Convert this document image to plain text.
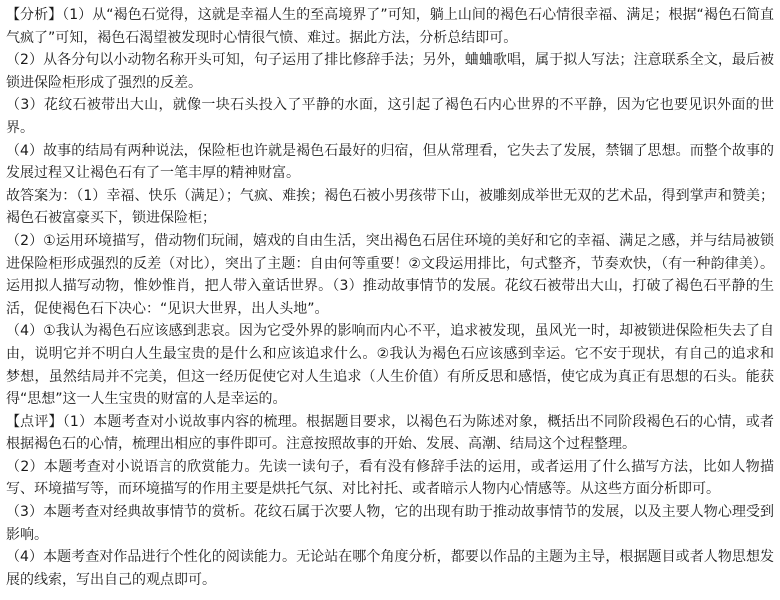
【分析】（1）从“褐色石觉得，这就是幸福人生的至高境界了”可知，躺上山间的褐色石心情很幸福、满足；根据“褐色石简直气疯了”可知，褐色石渴望被发现时心情很气愤、难过。据此方法，分析总结即可。

（2）从各分句以小动物名称开头可知，句子运用了排比修辞手法；另外，蛐蛐歌唱，属于拟人写法；注意联系全文，最后被锁进保险柜形成了强烈的反差。

（3）花纹石被带出大山，就像一块石头投入了平静的水面，这引起了褐色石内心世界的不平静，因为它也要见识外面的世界。

（4）故事的结局有两种说法，保险柜也许就是褐色石最好的归宿，但从常理看，它失去了发展，禁锢了思想。而整个故事的发展过程又让褐色石有了一笔丰厚的精神财富。

故答案为：（1）幸福、快乐（满足）；气疯、难挨；褐色石被小男孩带下山，被雕刻成举世无双的艺术品，得到掌声和赞美；褐色石被富豪买下，锁进保险柜；

（2）①运用环境描写，借动物们玩闹，嬉戏的自由生活，突出褐色石居住环境的美好和它的幸福、满足之感，并与结局被锁进保险柜形成强烈的反差（对比），突出了主题：自由何等重要！②文段运用排比，句式整齐，节奏欢快，（有一种韵律美）。运用拟人描写动物，惟妙惟肖，把人带入童话世界。（3）推动故事情节的发展。花纹石被带出大山，打破了褐色石平静的生活，促使褐色石下决心：“见识大世界，出人头地”。

（4）①我认为褐色石应该感到悲哀。因为它受外界的影响而内心不平，追求被发现，虽风光一时，却被锁进保险柜失去了自由，说明它并不明白人生最宝贵的是什么和应该追求什么。②我认为褐色石应该感到幸运。它不安于现状，有自己的追求和梦想，虽然结局并不完美，但这一经历促使它对人生追求（人生价值）有所反思和感悟，使它成为真正有思想的石头。能获得“思想”这一人生宝贵的财富的人是幸运的。

【点评】（1）本题考查对小说故事内容的梳理。根据题目要求，以褐色石为陈述对象，概括出不同阶段褐色石的心情，或者根据褐色石的心情，梳理出相应的事件即可。注意按照故事的开始、发展、高潮、结局这个过程整理。

（2）本题考查对小说语言的欣赏能力。先读一读句子，看有没有修辞手法的运用，或者运用了什么描写方法，比如人物描写、环境描写等，而环境描写的作用主要是烘托气氛、对比衬托、或者暗示人物内心情感等。从这些方面分析即可。

（3）本题考查对经典故事情节的赏析。花纹石属于次要人物，它的出现有助于推动故事情节的发展，以及主要人物心理受到影响。

（4）本题考查对作品进行个性化的阅读能力。无论站在哪个角度分析，都要以作品的主题为主导，根据题目或者人物思想发展的线索，写出自己的观点即可。
